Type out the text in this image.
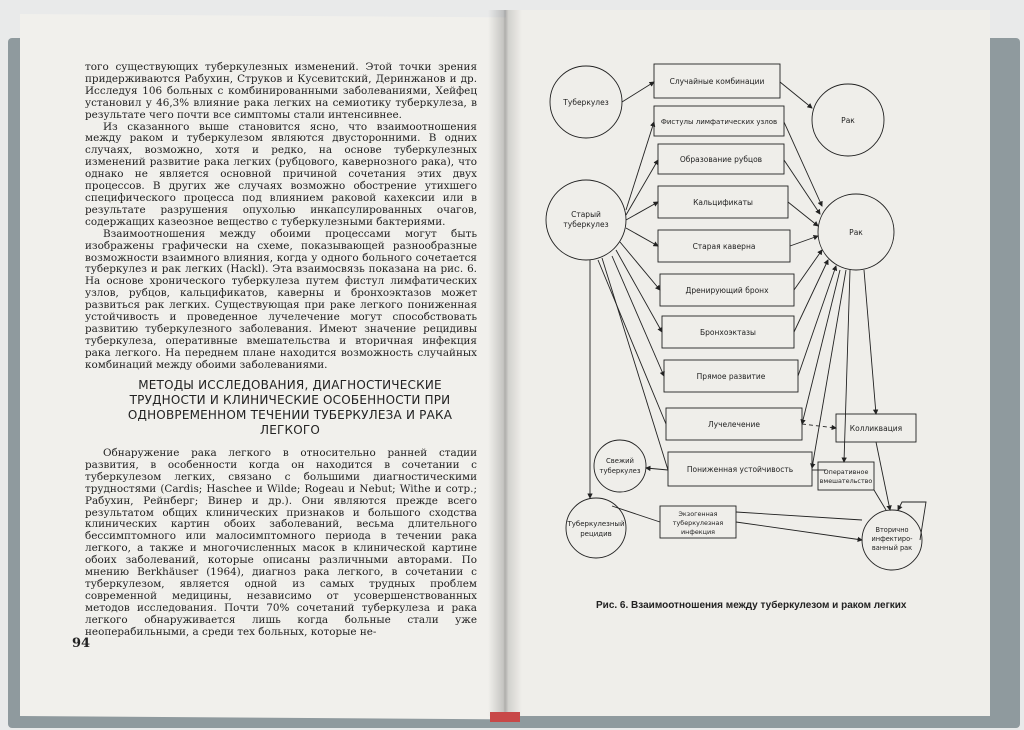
того существующих туберкулезных изменений. Этой точки зрения придерживаются Рабухин, Струков и Кусевитский, Деринжанов и др. Исследуя 106 больных с комбинированными заболеваниями, Хейфец установил у 46,3% влияние рака легких на семиотику туберкулеза, в результате чего почти все симптомы стали интенсивнее.

Из сказанного выше становится ясно, что взаимоотношения между раком и туберкулезом являются двусторонними. В одних случаях, возможно, хотя и редко, на основе туберкулезных изменений развитие рака легких (рубцового, кавернозного рака), что однако не является основной причиной сочетания этих двух процессов. В других же случаях возможно обострение утихшего специфического процесса под влиянием раковой кахексии или в результате разрушения опухолью инкапсулированных очагов, содержащих казеозное вещество с туберкулезными бактериями.

Взаимоотношения между обоими процессами могут быть изображены графически на схеме, показывающей разнообразные возможности взаимного влияния, когда у одного больного сочетается туберкулез и рак легких (Hackl). Эта взаимосвязь показана на рис. 6. На основе хронического туберкулеза путем фистул лимфатических узлов, рубцов, кальцификатов, каверны и бронхоэктазов может развиться рак легких. Существующая при раке легкого пониженная устойчивость и проведенное лучелечение могут способствовать развитию туберкулезного заболевания. Имеют значение рецидивы туберкулеза, оперативные вмешательства и вторичная инфекция рака легкого. На переднем плане находится возможность случайных комбинаций между обоими заболеваниями.

МЕТОДЫ ИССЛЕДОВАНИЯ, ДИАГНОСТИЧЕСКИЕ ТРУДНОСТИ И КЛИНИЧЕСКИЕ ОСОБЕННОСТИ ПРИ ОДНОВРЕМЕННОМ ТЕЧЕНИИ ТУБЕРКУЛЕЗА И РАКА ЛЕГКОГО

Обнаружение рака легкого в относительно ранней стадии развития, в особенности когда он находится в сочетании с туберкулезом легких, связано с большими диагностическими трудностями (Cardis; Haschee и Wilde; Rogeau и Nebut; Withe и сотр.; Рабухин, Рейнберг; Винер и др.). Они являются прежде всего результатом общих клинических признаков и большого сходства клинических картин обоих заболеваний, весьма длительного бессимптомного или малосимптомного периода в течении рака легкого, а также и многочисленных масок в клинической картине обоих заболеваний, которые описаны различными авторами. По мнению Berkhäuser (1964), диагноз рака легкого, в сочетании с туберкулезом, является одной из самых трудных проблем современной медицины, независимо от усовершенствованных методов исследования. Почти 70% сочетаний туберкулеза и рака легкого обнаруживается лишь когда больные стали уже неоперабильными, а среди тех больных, которые не-

94
Туберкулез
Рак
Старый
туберкулез
Рак
Свежий
туберкулез
Туберкулезный
рецидив	Вторично
инфектиро-
ванный рак
Случайные комбинации
Фистулы лимфатических узлов
Образование рубцов
Кальцификаты
Старая каверна
Дренирующий бронх
Бронхоэктазы
Прямое развитие
Лучелечение
Пониженная устойчивость
Колликвация
Оперативное
вмешательство
Экзогенная
туберкулезная
инфекция
Рис. 6. Взаимоотношения между туберкулезом и раком легких
